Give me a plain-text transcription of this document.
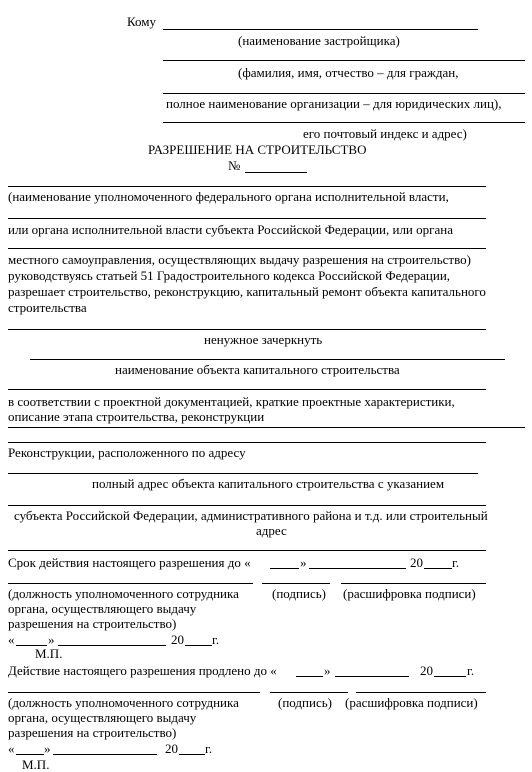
Кому
(наименование застройщика)
(фамилия, имя, отчество – для граждан,
полное наименование организации – для юридических лиц),
его почтовый индекс и адрес)
РАЗРЕШЕНИЕ НА СТРОИТЕЛЬСТВО
№
(наименование уполномоченного федерального органа исполнительной власти,
или органа исполнительной власти субъекта Российской Федерации, или органа
местного самоуправления, осуществляющих выдачу разрешения на строительство)
руководствуясь статьей 51 Градостроительного кодекса Российской Федерации,
разрешает строительство, реконструкцию, капитальный ремонт объекта капитального
строительства
ненужное зачеркнуть
наименование объекта капитального строительства
в соответствии с проектной документацией, краткие проектные характеристики,
описание этапа строительства, реконструкции
Реконструкции, расположенного по адресу
полный адрес объекта капитального строительства с указанием
субъекта Российской Федерации, административного района и т.д. или строительный
адрес
Срок действия настоящего разрешения до «	»	20 г.
(должность уполномоченного сотрудника	(подпись) (расшифровка подписи)
органа, осуществляющего выдачу
разрешения на строительство)
«	»	20 г.
М.П.
Действие настоящего разрешения продлено до «	»	20	г.
(должность уполномоченного сотрудника	(подпись) (расшифровка подписи)
органа, осуществляющего выдачу
разрешения на строительство)
« »	20 г.
М.П.
